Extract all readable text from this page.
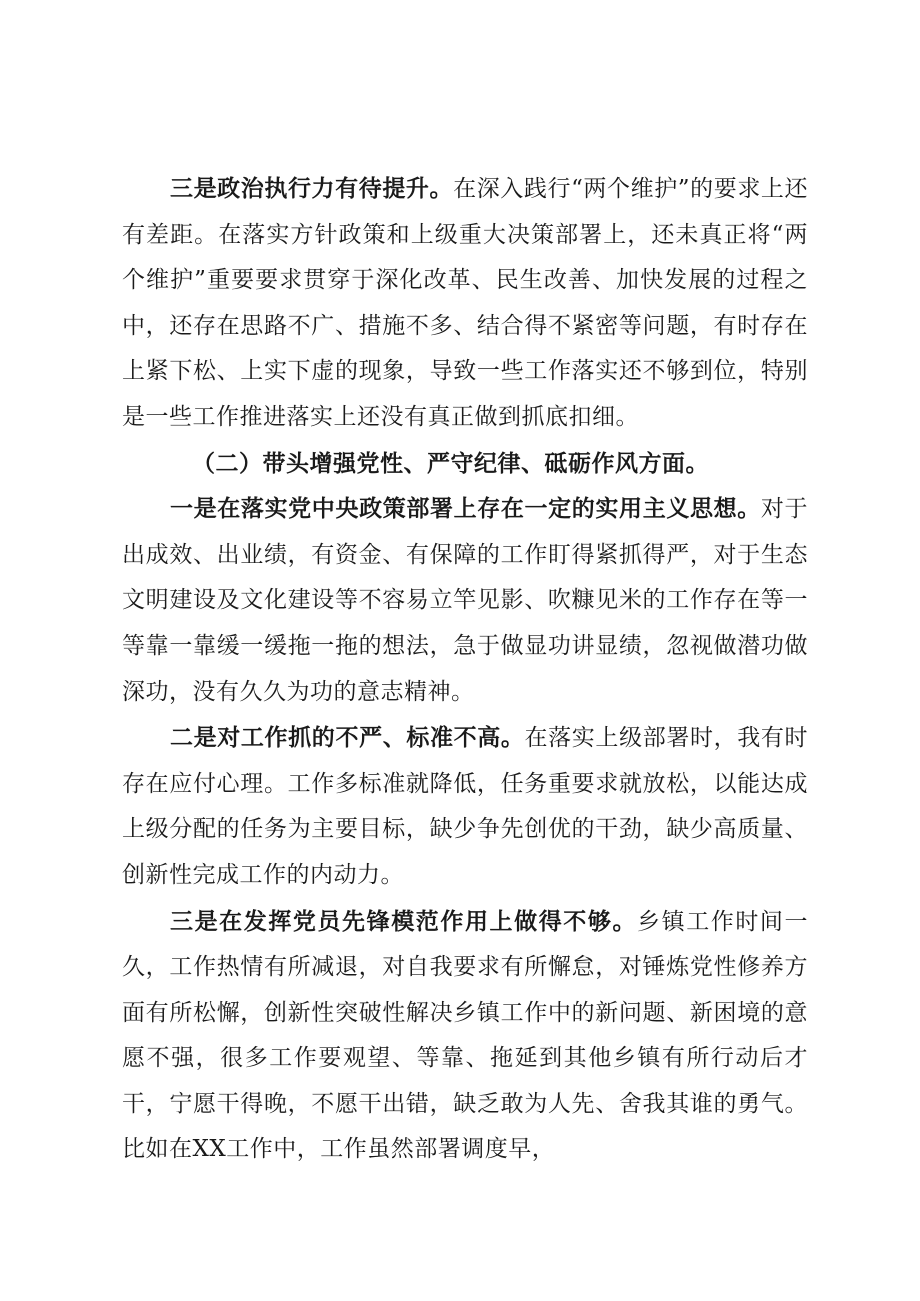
三是政治执行力有待提升。在深入践行“两个维护”的要求上还有差距。在落实方针政策和上级重大决策部署上，还未真正将“两个维护”重要要求贯穿于深化改革、民生改善、加快发展的过程之中，还存在思路不广、措施不多、结合得不紧密等问题，有时存在上紧下松、上实下虚的现象，导致一些工作落实还不够到位，特别是一些工作推进落实上还没有真正做到抓底扣细。

（二）带头增强党性、严守纪律、砥砺作风方面。

一是在落实党中央政策部署上存在一定的实用主义思想。对于出成效、出业绩，有资金、有保障的工作盯得紧抓得严，对于生态文明建设及文化建设等不容易立竿见影、吹糠见米的工作存在等一等靠一靠缓一缓拖一拖的想法，急于做显功讲显绩，忽视做潜功做深功，没有久久为功的意志精神。

二是对工作抓的不严、标准不高。在落实上级部署时，我有时存在应付心理。工作多标准就降低，任务重要求就放松，以能达成上级分配的任务为主要目标，缺少争先创优的干劲，缺少高质量、创新性完成工作的内动力。

三是在发挥党员先锋模范作用上做得不够。乡镇工作时间一久，工作热情有所减退，对自我要求有所懈怠，对锤炼党性修养方面有所松懈，创新性突破性解决乡镇工作中的新问题、新困境的意愿不强，很多工作要观望、等靠、拖延到其他乡镇有所行动后才干，宁愿干得晚，不愿干出错，缺乏敢为人先、舍我其谁的勇气。比如在XX工作中，工作虽然部署调度早，
